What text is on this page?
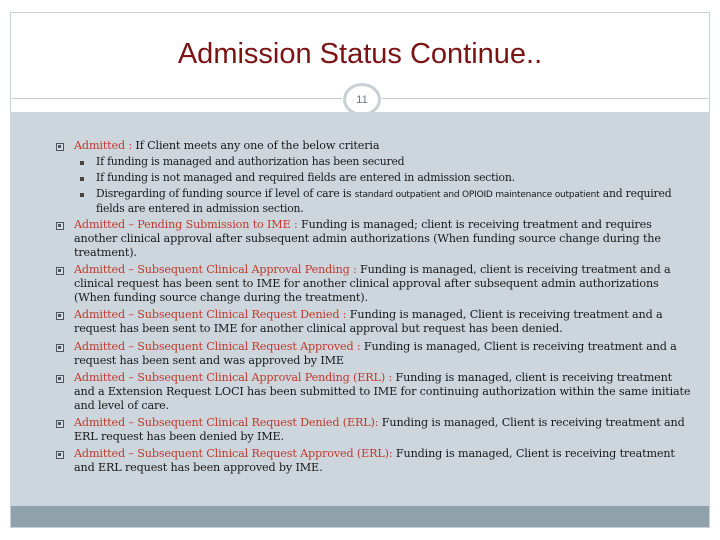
Admission Status Continue..
11
Admitted : If Client meets any one of the below criteria
If funding is managed and authorization has been secured
If funding is not managed and required fields are entered in admission section.
Disregarding of funding source if level of care is standard outpatient and OPIOID maintenance outpatient and required fields are entered in admission section.
Admitted – Pending Submission to IME : Funding is managed; client is receiving treatment and requires another clinical approval after subsequent admin authorizations (When funding source change during the treatment).
Admitted – Subsequent Clinical Approval Pending : Funding is managed, client is receiving treatment and a clinical request has been sent to IME for another clinical approval after subsequent admin authorizations (When funding source change during the treatment).
Admitted – Subsequent Clinical Request Denied : Funding is managed, Client is receiving treatment and a request has been sent to IME for another clinical approval but request has been denied.
Admitted – Subsequent Clinical Request Approved : Funding is managed, Client is receiving treatment and a request has been sent and was approved by IME
Admitted – Subsequent Clinical Approval Pending (ERL) : Funding is managed, client is receiving treatment and a Extension Request LOCI has been submitted to IME for continuing authorization within the same initiate and level of care.
Admitted – Subsequent Clinical Request Denied (ERL): Funding is managed, Client is receiving treatment and ERL request has been denied by IME.
Admitted – Subsequent Clinical Request Approved (ERL): Funding is managed, Client is receiving treatment and ERL request has been approved by IME.
